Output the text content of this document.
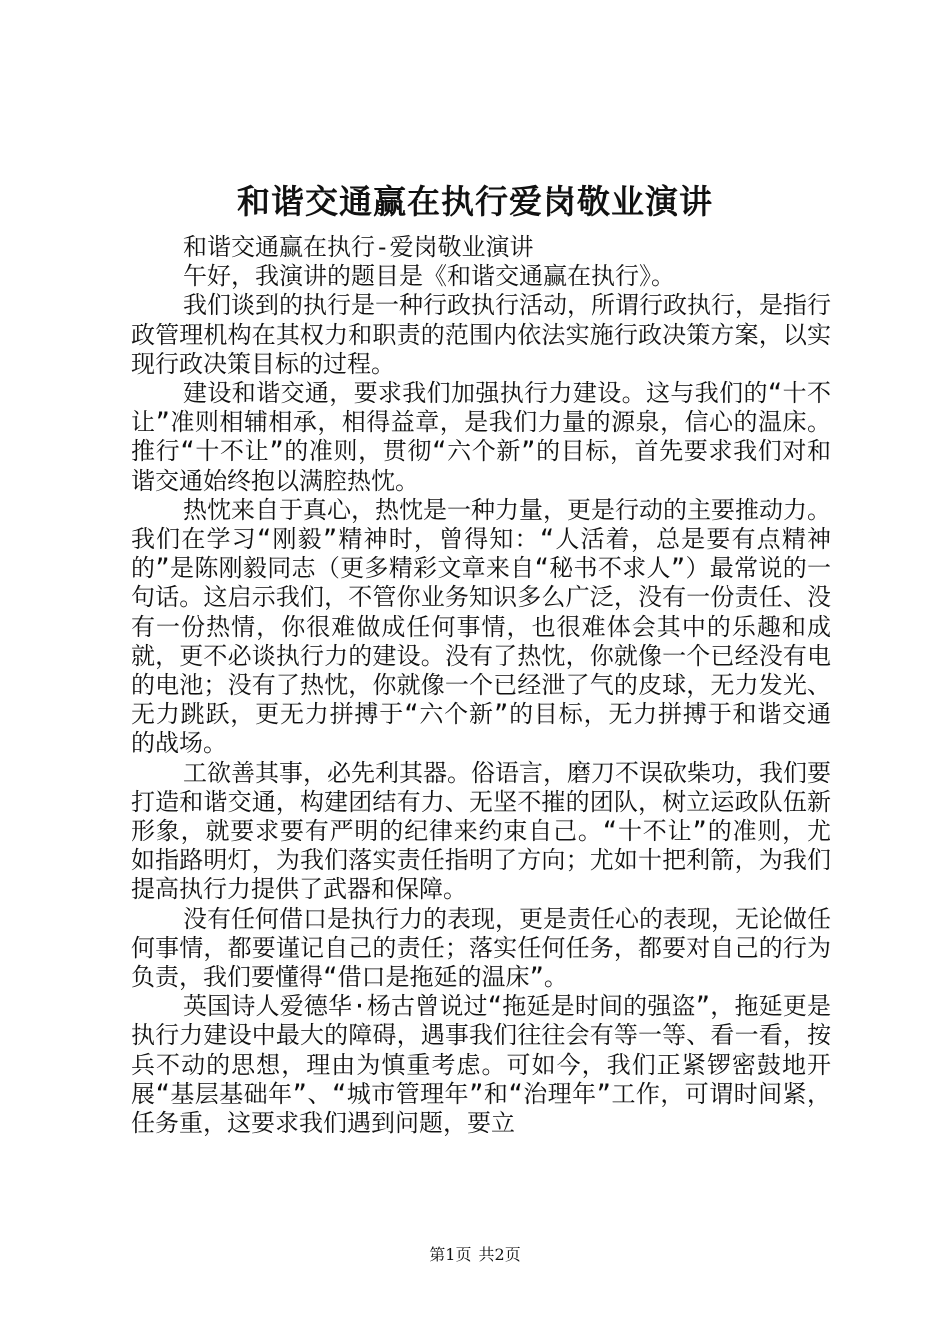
和谐交通赢在执行爱岗敬业演讲

和谐交通赢在执行-爱岗敬业演讲

午好，我演讲的题目是《和谐交通赢在执行》。

我们谈到的执行是一种行政执行活动，所谓行政执行，是指行政管理机构在其权力和职责的范围内依法实施行政决策方案，以实现行政决策目标的过程。

建设和谐交通，要求我们加强执行力建设。这与我们的“十不让”准则相辅相承，相得益章，是我们力量的源泉，信心的温床。推行“十不让”的准则，贯彻“六个新”的目标，首先要求我们对和谐交通始终抱以满腔热忱。

热忱来自于真心，热忱是一种力量，更是行动的主要推动力。我们在学习“刚毅”精神时，曾得知：“人活着，总是要有点精神的”是陈刚毅同志（更多精彩文章来自“秘书不求人”）最常说的一句话。这启示我们，不管你业务知识多么广泛，没有一份责任、没有一份热情，你很难做成任何事情，也很难体会其中的乐趣和成就，更不必谈执行力的建设。没有了热忱，你就像一个已经没有电的电池；没有了热忱，你就像一个已经泄了气的皮球，无力发光、无力跳跃，更无力拼搏于“六个新”的目标，无力拼搏于和谐交通的战场。

工欲善其事，必先利其器。俗语言，磨刀不误砍柴功，我们要打造和谐交通，构建团结有力、无坚不摧的团队，树立运政队伍新形象，就要求要有严明的纪律来约束自己。“十不让”的准则，尤如指路明灯，为我们落实责任指明了方向；尤如十把利箭，为我们提高执行力提供了武器和保障。

没有任何借口是执行力的表现，更是责任心的表现，无论做任何事情，都要谨记自己的责任；落实任何任务，都要对自己的行为负责，我们要懂得“借口是拖延的温床”。

英国诗人爱德华·杨古曾说过“拖延是时间的强盗”，拖延更是执行力建设中最大的障碍，遇事我们往往会有等一等、看一看，按兵不动的思想，理由为慎重考虑。可如今，我们正紧锣密鼓地开展“基层基础年”、“城市管理年”和“治理年”工作，可谓时间紧，任务重，这要求我们遇到问题，要立

第1页 共2页
